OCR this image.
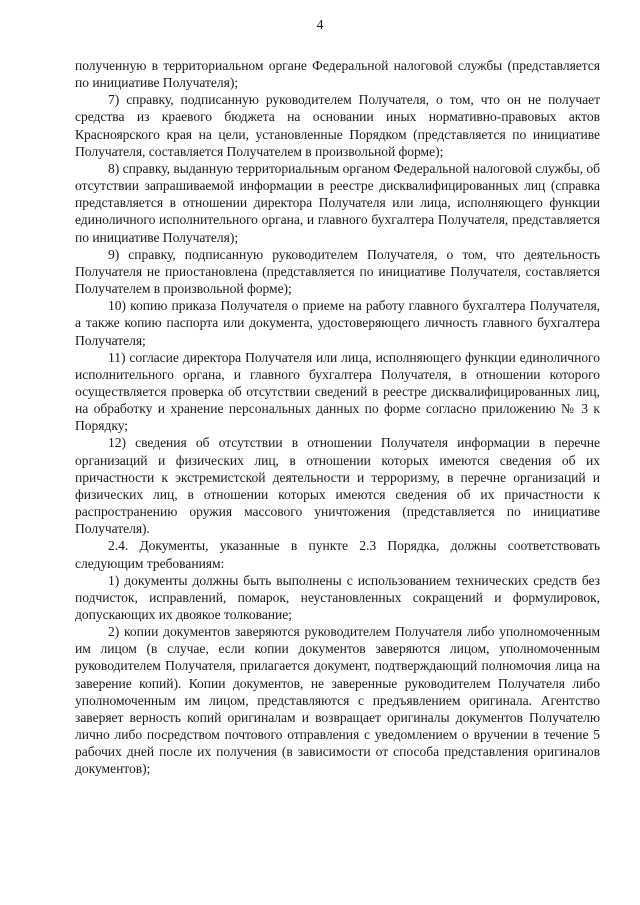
4

полученную в территориальном органе Федеральной налоговой службы (представляется по инициативе Получателя);

7) справку, подписанную руководителем Получателя, о том, что он не получает средства из краевого бюджета на основании иных нормативно-правовых актов Красноярского края на цели, установленные Порядком (представляется по инициативе Получателя, составляется Получателем в произвольной форме);

8) справку, выданную территориальным органом Федеральной налоговой службы, об отсутствии запрашиваемой информации в реестре дисквалифицированных лиц (справка представляется в отношении директора Получателя или лица, исполняющего функции единоличного исполнительного органа, и главного бухгалтера Получателя, представляется по инициативе Получателя);

9) справку, подписанную руководителем Получателя, о том, что деятельность Получателя не приостановлена (представляется по инициативе Получателя, составляется Получателем в произвольной форме);

10) копию приказа Получателя о приеме на работу главного бухгалтера Получателя, а также копию паспорта или документа, удостоверяющего личность главного бухгалтера Получателя;

11) согласие директора Получателя или лица, исполняющего функции единоличного исполнительного органа, и главного бухгалтера Получателя, в отношении которого осуществляется проверка об отсутствии сведений в реестре дисквалифицированных лиц, на обработку и хранение персональных данных по форме согласно приложению № 3 к Порядку;

12) сведения об отсутствии в отношении Получателя информации в перечне организаций и физических лиц, в отношении которых имеются сведения об их причастности к экстремистской деятельности и терроризму, в перечне организаций и физических лиц, в отношении которых имеются сведения об их причастности к распространению оружия массового уничтожения (представляется по инициативе Получателя).

2.4. Документы, указанные в пункте 2.3 Порядка, должны соответствовать следующим требованиям:

1) документы должны быть выполнены с использованием технических средств без подчисток, исправлений, помарок, неустановленных сокращений и формулировок, допускающих их двоякое толкование;

2) копии документов заверяются руководителем Получателя либо уполномоченным им лицом (в случае, если копии документов заверяются лицом, уполномоченным руководителем Получателя, прилагается документ, подтверждающий полномочия лица на заверение копий). Копии документов, не заверенные руководителем Получателя либо уполномоченным им лицом, представляются с предъявлением оригинала. Агентство заверяет верность копий оригиналам и возвращает оригиналы документов Получателю лично либо посредством почтового отправления с уведомлением о вручении в течение 5 рабочих дней после их получения (в зависимости от способа представления оригиналов документов);
